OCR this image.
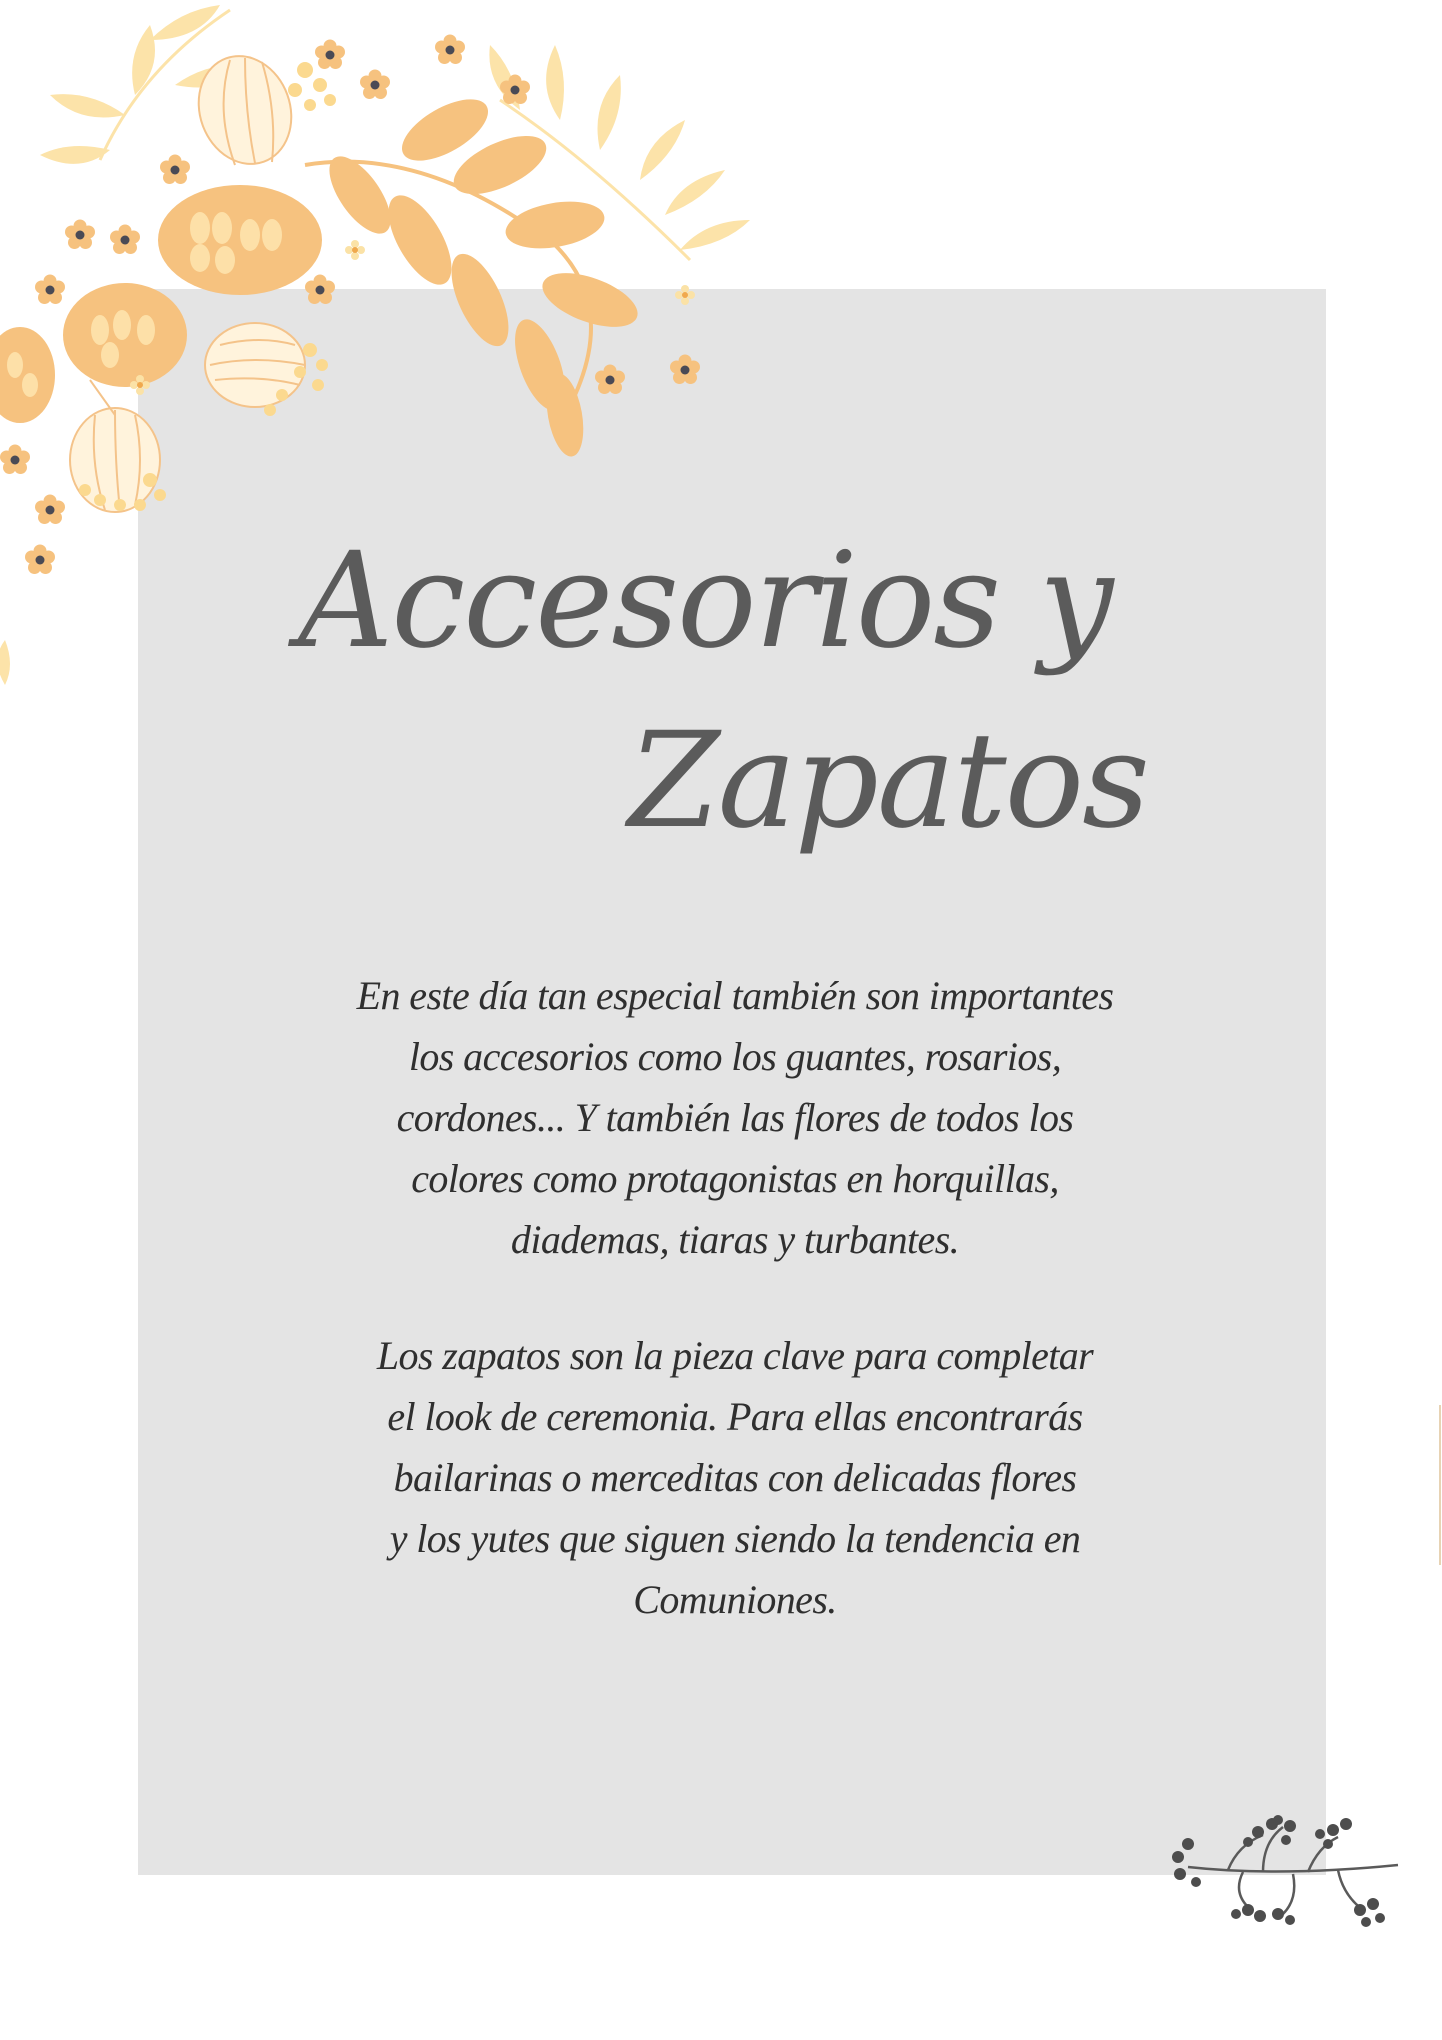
Accesorios y
Zapatos

En este día tan especial también son importantes
los accesorios como los guantes, rosarios,
cordones... Y también las flores de todos los
colores como protagonistas en horquillas,
diademas, tiaras y turbantes.

Los zapatos son la pieza clave para completar
el look de ceremonia. Para ellas encontrarás
bailarinas o merceditas con delicadas flores
y los yutes que siguen siendo la tendencia en
Comuniones.
